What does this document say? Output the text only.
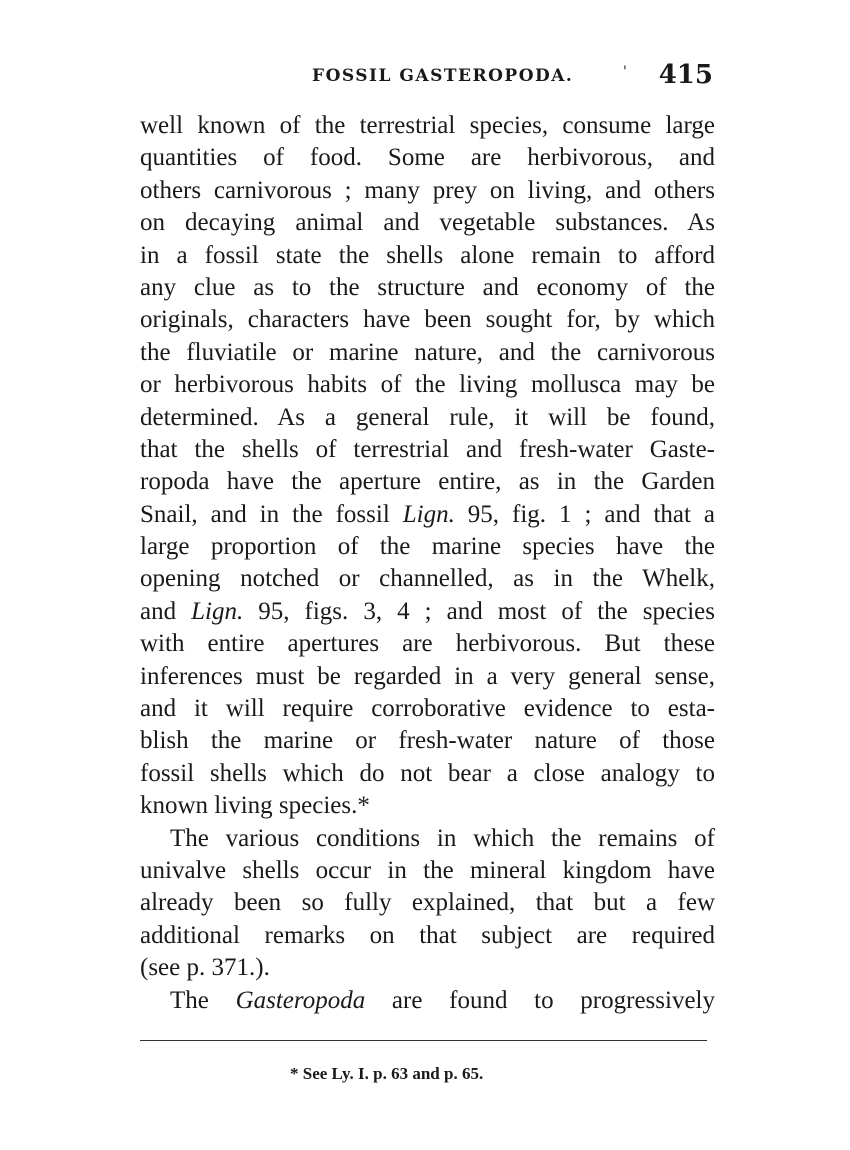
FOSSIL GASTEROPODA.	' 415
well known of the terrestrial species, consume large
quantities of food. Some are herbivorous, and
others carnivorous ; many prey on living, and others
on decaying animal and vegetable substances. As
in a fossil state the shells alone remain to afford
any clue as to the structure and economy of the
originals, characters have been sought for, by which
the fluviatile or marine nature, and the carnivorous
or herbivorous habits of the living mollusca may be
determined. As a general rule, it will be found,
that the shells of terrestrial and fresh-water Gaste-
ropoda have the aperture entire, as in the Garden
Snail, and in the fossil Lign. 95, fig. 1 ; and that a
large proportion of the marine species have the
opening notched or channelled, as in the Whelk,
and Lign. 95, figs. 3, 4 ; and most of the species
with entire apertures are herbivorous. But these
inferences must be regarded in a very general sense,
and it will require corroborative evidence to esta-
blish the marine or fresh-water nature of those
fossil shells which do not bear a close analogy to
known living species.*
The various conditions in which the remains of
univalve shells occur in the mineral kingdom have
already been so fully explained, that but a few
additional remarks on that subject are required
(see p. 371.).
The Gasteropoda are found to progressively
* See Ly. I. p. 63 and p. 65.
